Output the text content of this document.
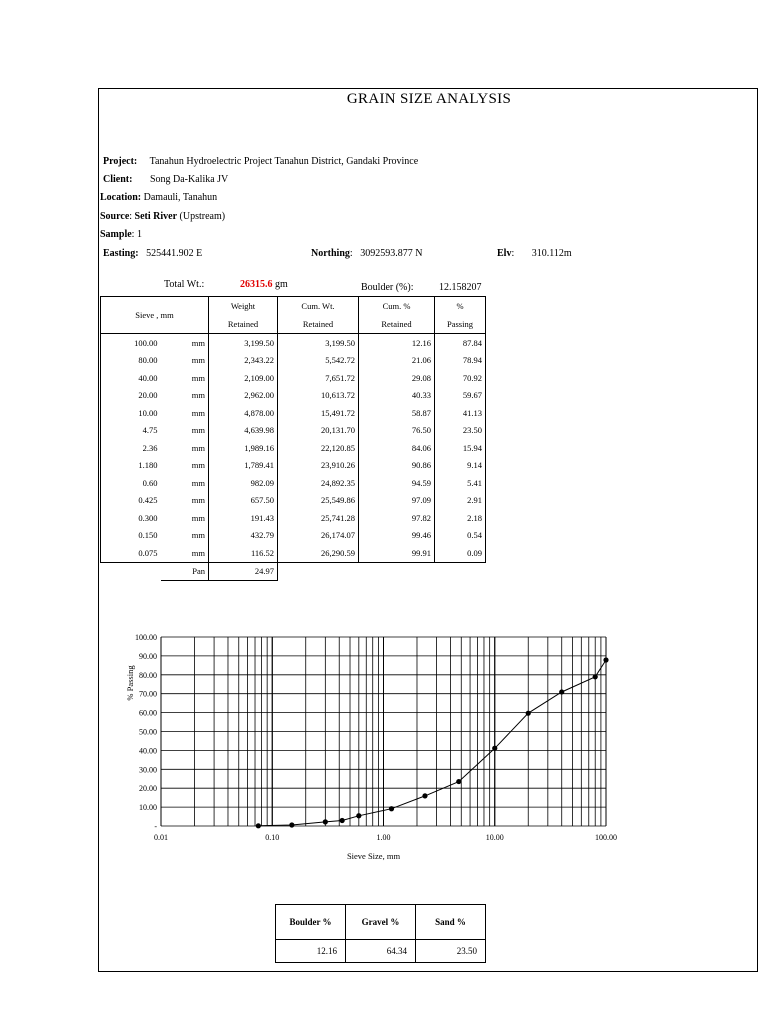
GRAIN SIZE ANALYSIS
Project: Tanahun Hydroelectric Project Tanahun District, Gandaki Province
Client: Song Da-Kalika JV
Location: Damauli, Tanahun
Source: Seti River (Upstream)
Sample: 1
Easting: 525441.902 E	Northing:   3092593.877 N	Elv:       310.112m
Total Wt.:	26315.6 gm	Boulder (%):	12.158207
Sieve , mm		Weight	Cum. Wt.	Cum. %	%
		Retained	Retained	Retained	Passing
100.00	mm	3,199.50	3,199.50	12.16	87.84
80.00	mm	2,343.22	5,542.72	21.06	78.94
40.00	mm	2,109.00	7,651.72	29.08	70.92
20.00	mm	2,962.00	10,613.72	40.33	59.67
10.00	mm	4,878.00	15,491.72	58.87	41.13
4.75	mm	4,639.98	20,131.70	76.50	23.50
2.36	mm	1,989.16	22,120.85	84.06	15.94
1.180	mm	1,789.41	23,910.26	90.86	9.14
0.60	mm	982.09	24,892.35	94.59	5.41
0.425	mm	657.50	25,549.86	97.09	2.91
0.300	mm	191.43	25,741.28	97.82	2.18
0.150	mm	432.79	26,174.07	99.46	0.54
0.075	mm	116.52	26,290.59	99.91	0.09
	Pan	24.97			
-
10.00
20.00
30.00
40.00
50.00
60.00
70.00
80.00
90.00
100.00
0.01	0.10	1.00	10.00	100.00
Sieve Size, mm
% Passing
Boulder %	Gravel %	Sand %
12.16	64.34	23.50
